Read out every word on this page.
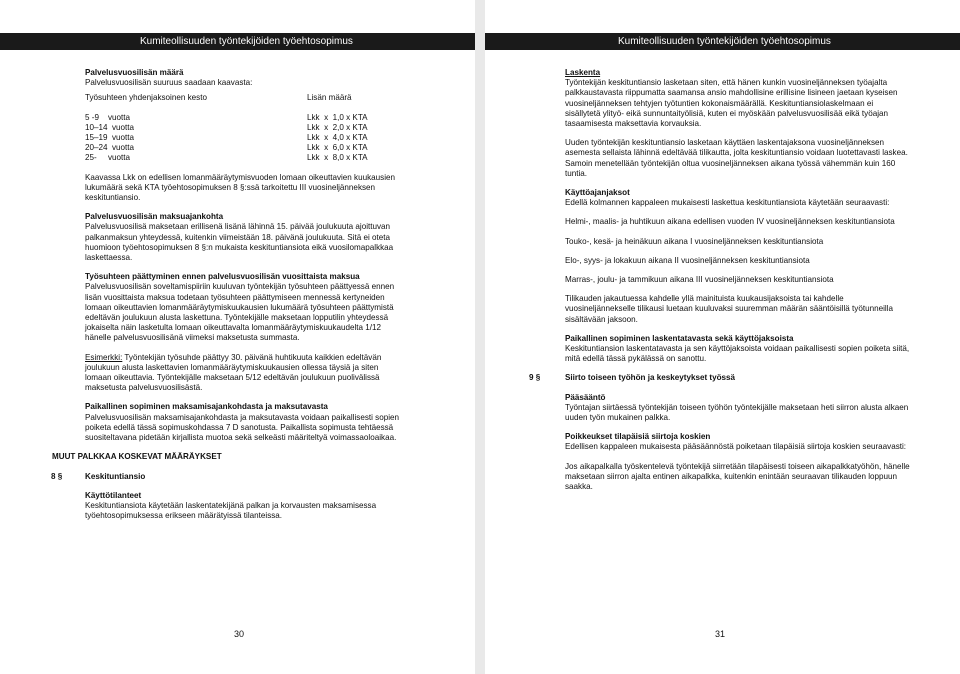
Kumiteollisuuden työntekijöiden työehtosopimus

Palvelusvuosilisän määrä

Palvelusvuosilisän suuruus saadaan kaavasta:

Työsuhteen yhdenjaksoinen kesto	Lisän määrä
5 -9    vuotta	Lkk  x  1,0 x KTA
10–14  vuotta	Lkk  x  2,0 x KTA
15–19  vuotta	Lkk  x  4,0 x KTA
20–24  vuotta	Lkk  x  6,0 x KTA
25-     vuotta	Lkk  x  8,0 x KTA

Kaavassa Lkk on edellisen lomanmääräytymisvuoden lomaan oikeuttavien kuukausien lukumäärä sekä KTA työehtosopimuksen 8 §:ssä tarkoitettu III vuosineljänneksen keskituntiansio.

Palvelusvuosilisän maksuajankohta

Palvelusvuosilisä maksetaan erillisenä lisänä lähinnä 15. päivää joulukuuta ajoittuvan palkanmaksun yhteydessä, kuitenkin viimeistään 18. päivänä joulukuuta. Sitä ei oteta huomioon työehtosopimuksen 8 §:n mukaista keskituntiansiota eikä vuosilomapalkkaa laskettaessa.

Työsuhteen päättyminen ennen palvelusvuosilisän vuosittaista maksua

Palvelusvuosilisän soveltamispiiriin kuuluvan työntekijän työsuhteen päättyessä ennen lisän vuosittaista maksua todetaan työsuhteen päättymiseen mennessä kertyneiden lomaan oikeuttavien lomanmääräytymiskuukausien lukumäärä työsuhteen päättymistä edeltävän joulukuun alusta laskettuna. Työntekijälle maksetaan lopputilin yhteydessä jokaiselta näin lasketulta lomaan oikeuttavalta lomanmääräytymiskuukaudelta 1/12 hänelle palvelusvuosilisänä viimeksi maksetusta summasta.

Esimerkki: Työntekijän työsuhde päättyy 30. päivänä huhtikuuta kaikkien edeltävän joulukuun alusta laskettavien lomanmääräytymiskuukausien ollessa täysiä ja siten lomaan oikeuttavia. Työntekijälle maksetaan 5/12 edeltävän joulukuun puolivälissä maksetusta palvelusvuosilisästä.

Paikallinen sopiminen maksamisajankohdasta ja maksutavasta

Palvelusvuosilisän maksamisajankohdasta ja maksutavasta voidaan paikallisesti sopien poiketa edellä tässä sopimuskohdassa 7 D sanotusta. Paikallista sopimusta tehtäessä suositeltavana pidetään kirjallista muotoa sekä selkeästi määriteltyä voimassaoloaikaa.

MUUT PALKKAA KOSKEVAT MÄÄRÄYKSET

8 §	Keskituntiansio

Käyttötilanteet

Keskituntiansiota käytetään laskentatekijänä palkan ja korvausten maksamisessa työehtosopimuksessa erikseen määrätyissä tilanteissa.

30
Kumiteollisuuden työntekijöiden työehtosopimus

Laskenta

Työntekijän keskituntiansio lasketaan siten, että hänen kunkin vuosineljänneksen työajalta palkkaustavasta riippumatta saamansa ansio mahdollisine erillisine lisineen jaetaan kyseisen vuosineljänneksen tehtyjen työtuntien kokonaismäärällä. Keskituntiansiolaskelmaan ei sisällytetä ylityö- eikä sunnuntaityölisiä, kuten ei myöskään palvelusvuosilisää eikä työajan tasaamisesta maksettavia korvauksia.

Uuden työntekijän keskituntiansio lasketaan käyttäen laskentajaksona vuosineljänneksen asemesta sellaista lähinnä edeltävää tilikautta, jolta keskituntiansio voidaan luotettavasti laskea. Samoin menetellään työntekijän oltua vuosineljänneksen aikana työssä vähemmän kuin 160 tuntia.

Käyttöajanjaksot

Edellä kolmannen kappaleen mukaisesti laskettua keskituntiansiota käytetään seuraavasti:

Helmi-, maalis- ja huhtikuun aikana edellisen vuoden IV vuosineljänneksen keskituntiansiota

Touko-, kesä- ja heinäkuun aikana I vuosineljänneksen keskituntiansiota

Elo-, syys- ja lokakuun aikana II vuosineljänneksen keskituntiansiota

Marras-, joulu- ja tammikuun aikana III vuosineljänneksen keskituntiansiota

Tilikauden jakautuessa kahdelle yllä mainituista kuukausijaksoista tai kahdelle vuosineljännekselle tilikausi luetaan kuuluvaksi suuremman määrän sääntöisillä työtunneilla sisältävään jaksoon.

Paikallinen sopiminen laskentatavasta sekä käyttöjaksoista

Keskituntiansion laskentatavasta ja sen käyttöjaksoista voidaan paikallisesti sopien poiketa siitä, mitä edellä tässä pykälässä on sanottu.

9 §	Siirto toiseen työhön ja keskeytykset työssä

Pääsääntö

Työntajan siirtäessä työntekijän toiseen työhön työntekijälle maksetaan heti siirron alusta alkaen uuden työn mukainen palkka.

Poikkeukset tilapäisiä siirtoja koskien

Edellisen kappaleen mukaisesta pääsäännöstä poiketaan tilapäisiä siirtoja koskien seuraavasti:

Jos aikapalkalla työskentelevä työntekijä siirretään tilapäisesti toiseen aikapalkkatyöhön, hänelle maksetaan siirron ajalta entinen aikapalkka, kuitenkin enintään seuraavan tilikauden loppuun saakka.

31
